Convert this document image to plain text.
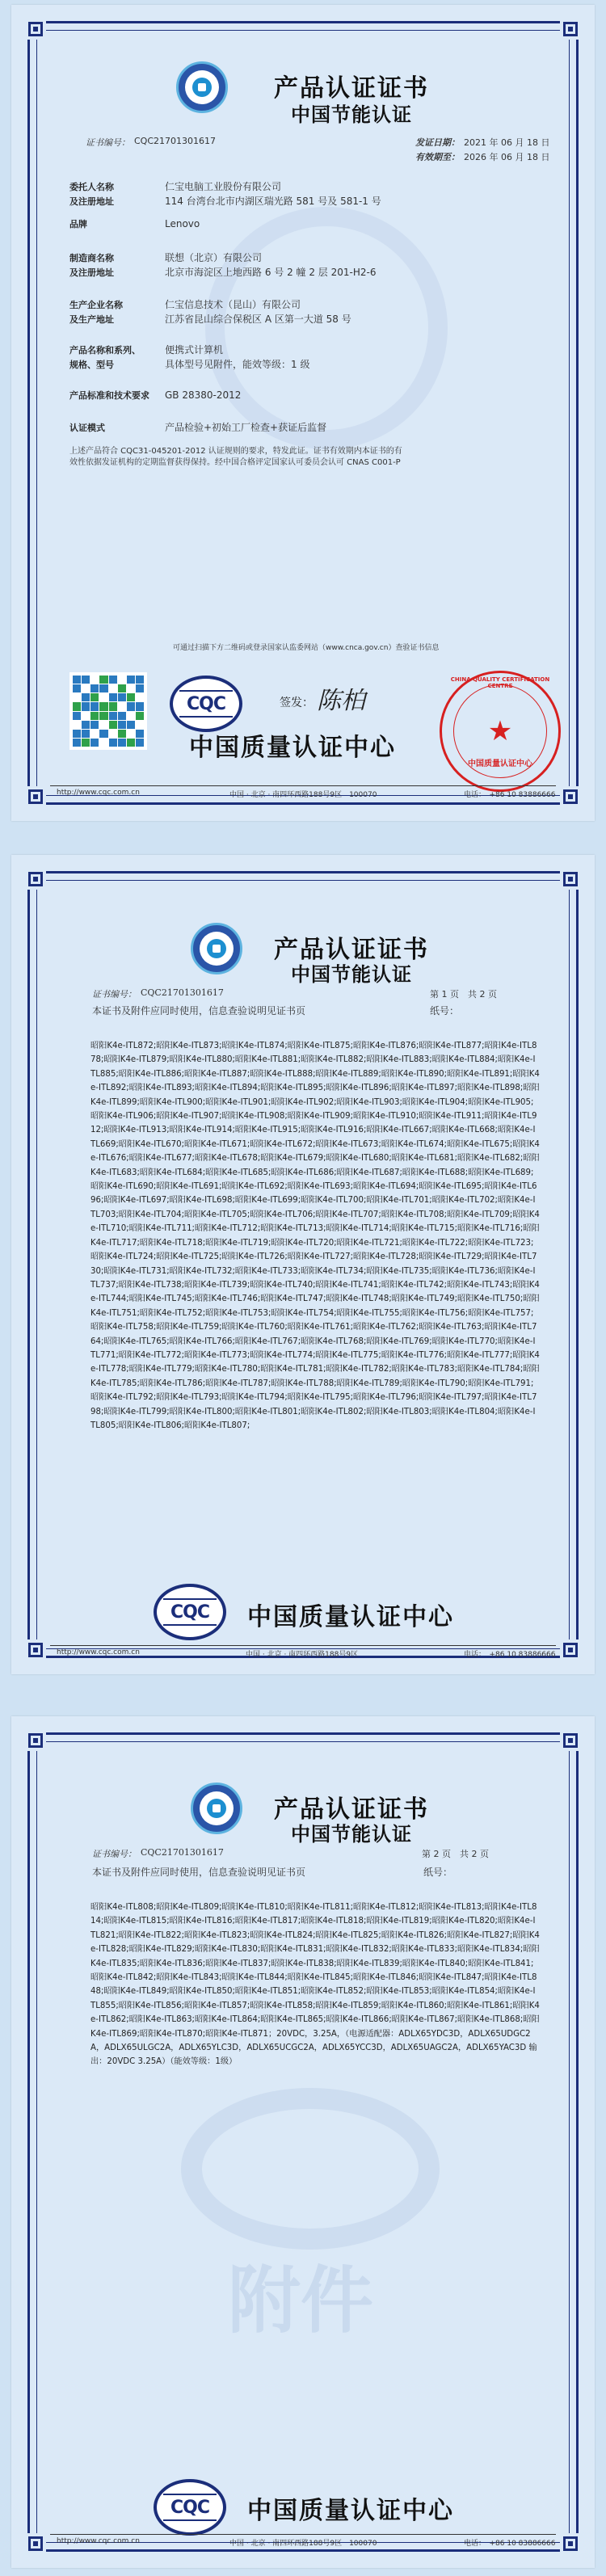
产品认证证书
中国节能认证
证书编号： CQC21701301617	发证日期： 2021 年 06 月 18 日
有效期至： 2026 年 06 月 18 日
委托人名称	仁宝电脑工业股份有限公司
及注册地址	114 台湾台北市内湖区瑞光路 581 号及 581-1 号
品牌	Lenovo
制造商名称	联想（北京）有限公司
及注册地址	北京市海淀区上地西路 6 号 2 幢 2 层 201-H2-6
生产企业名称	仁宝信息技术（昆山）有限公司
及生产地址	江苏省昆山综合保税区 A 区第一大道 58 号
产品名称和系列、	便携式计算机
规格、型号	具体型号见附件，能效等级：1 级
产品标准和技术要求 GB 28380-2012
认证模式	产品检验+初始工厂检查+获证后监督
上述产品符合 CQC31-045201-2012 认证规则的要求，特发此证。证书有效期内本证书的有效性依据发证机构的定期监督获得保持。经中国合格评定国家认可委员会认可 CNAS C001-P
可通过扫描下方二维码或登录国家认监委网站（www.cnca.gov.cn）查验证书信息
CQC	签发： 陈柏
中国质量认证中心
CHINA QUALITY CERTIFICATION CENTRE
★
中国质量认证中心
http://www.cqc.com.cn	中国 · 北京 · 南四环西路188号9区　100070	电话：　+86 10 83886666
产品认证证书
中国节能认证
证书编号： CQC21701301617	第 1 页　共 2 页
本证书及附件应同时使用，信息查验说明见证书页	纸号：
昭阳K4e-ITL872;昭阳K4e-ITL873;昭阳K4e-ITL874;昭阳K4e-ITL875;昭阳K4e-ITL876;昭阳K4e-ITL877;昭阳K4e-ITL878;昭阳K4e-ITL879;昭阳K4e-ITL880;昭阳K4e-ITL881;昭阳K4e-ITL882;昭阳K4e-ITL883;昭阳K4e-ITL884;昭阳K4e-ITL885;昭阳K4e-ITL886;昭阳K4e-ITL887;昭阳K4e-ITL888;昭阳K4e-ITL889;昭阳K4e-ITL890;昭阳K4e-ITL891;昭阳K4e-ITL892;昭阳K4e-ITL893;昭阳K4e-ITL894;昭阳K4e-ITL895;昭阳K4e-ITL896;昭阳K4e-ITL897;昭阳K4e-ITL898;昭阳K4e-ITL899;昭阳K4e-ITL900;昭阳K4e-ITL901;昭阳K4e-ITL902;昭阳K4e-ITL903;昭阳K4e-ITL904;昭阳K4e-ITL905;昭阳K4e-ITL906;昭阳K4e-ITL907;昭阳K4e-ITL908;昭阳K4e-ITL909;昭阳K4e-ITL910;昭阳K4e-ITL911;昭阳K4e-ITL912;昭阳K4e-ITL913;昭阳K4e-ITL914;昭阳K4e-ITL915;昭阳K4e-ITL916;昭阳K4e-ITL667;昭阳K4e-ITL668;昭阳K4e-ITL669;昭阳K4e-ITL670;昭阳K4e-ITL671;昭阳K4e-ITL672;昭阳K4e-ITL673;昭阳K4e-ITL674;昭阳K4e-ITL675;昭阳K4e-ITL676;昭阳K4e-ITL677;昭阳K4e-ITL678;昭阳K4e-ITL679;昭阳K4e-ITL680;昭阳K4e-ITL681;昭阳K4e-ITL682;昭阳K4e-ITL683;昭阳K4e-ITL684;昭阳K4e-ITL685;昭阳K4e-ITL686;昭阳K4e-ITL687;昭阳K4e-ITL688;昭阳K4e-ITL689;昭阳K4e-ITL690;昭阳K4e-ITL691;昭阳K4e-ITL692;昭阳K4e-ITL693;昭阳K4e-ITL694;昭阳K4e-ITL695;昭阳K4e-ITL696;昭阳K4e-ITL697;昭阳K4e-ITL698;昭阳K4e-ITL699;昭阳K4e-ITL700;昭阳K4e-ITL701;昭阳K4e-ITL702;昭阳K4e-ITL703;昭阳K4e-ITL704;昭阳K4e-ITL705;昭阳K4e-ITL706;昭阳K4e-ITL707;昭阳K4e-ITL708;昭阳K4e-ITL709;昭阳K4e-ITL710;昭阳K4e-ITL711;昭阳K4e-ITL712;昭阳K4e-ITL713;昭阳K4e-ITL714;昭阳K4e-ITL715;昭阳K4e-ITL716;昭阳K4e-ITL717;昭阳K4e-ITL718;昭阳K4e-ITL719;昭阳K4e-ITL720;昭阳K4e-ITL721;昭阳K4e-ITL722;昭阳K4e-ITL723;昭阳K4e-ITL724;昭阳K4e-ITL725;昭阳K4e-ITL726;昭阳K4e-ITL727;昭阳K4e-ITL728;昭阳K4e-ITL729;昭阳K4e-ITL730;昭阳K4e-ITL731;昭阳K4e-ITL732;昭阳K4e-ITL733;昭阳K4e-ITL734;昭阳K4e-ITL735;昭阳K4e-ITL736;昭阳K4e-ITL737;昭阳K4e-ITL738;昭阳K4e-ITL739;昭阳K4e-ITL740;昭阳K4e-ITL741;昭阳K4e-ITL742;昭阳K4e-ITL743;昭阳K4e-ITL744;昭阳K4e-ITL745;昭阳K4e-ITL746;昭阳K4e-ITL747;昭阳K4e-ITL748;昭阳K4e-ITL749;昭阳K4e-ITL750;昭阳K4e-ITL751;昭阳K4e-ITL752;昭阳K4e-ITL753;昭阳K4e-ITL754;昭阳K4e-ITL755;昭阳K4e-ITL756;昭阳K4e-ITL757;昭阳K4e-ITL758;昭阳K4e-ITL759;昭阳K4e-ITL760;昭阳K4e-ITL761;昭阳K4e-ITL762;昭阳K4e-ITL763;昭阳K4e-ITL764;昭阳K4e-ITL765;昭阳K4e-ITL766;昭阳K4e-ITL767;昭阳K4e-ITL768;昭阳K4e-ITL769;昭阳K4e-ITL770;昭阳K4e-ITL771;昭阳K4e-ITL772;昭阳K4e-ITL773;昭阳K4e-ITL774;昭阳K4e-ITL775;昭阳K4e-ITL776;昭阳K4e-ITL777;昭阳K4e-ITL778;昭阳K4e-ITL779;昭阳K4e-ITL780;昭阳K4e-ITL781;昭阳K4e-ITL782;昭阳K4e-ITL783;昭阳K4e-ITL784;昭阳K4e-ITL785;昭阳K4e-ITL786;昭阳K4e-ITL787;昭阳K4e-ITL788;昭阳K4e-ITL789;昭阳K4e-ITL790;昭阳K4e-ITL791;昭阳K4e-ITL792;昭阳K4e-ITL793;昭阳K4e-ITL794;昭阳K4e-ITL795;昭阳K4e-ITL796;昭阳K4e-ITL797;昭阳K4e-ITL798;昭阳K4e-ITL799;昭阳K4e-ITL800;昭阳K4e-ITL801;昭阳K4e-ITL802;昭阳K4e-ITL803;昭阳K4e-ITL804;昭阳K4e-ITL805;昭阳K4e-ITL806;昭阳K4e-ITL807;
CQC 中国质量认证中心
http://www.cqc.com.cn	中国 · 北京 · 南四环西路188号9区	电话：　+86 10 83886666
附件
产品认证证书
中国节能认证
证书编号： CQC21701301617	第 2 页　共 2 页
本证书及附件应同时使用，信息查验说明见证书页	纸号：
昭阳K4e-ITL808;昭阳K4e-ITL809;昭阳K4e-ITL810;昭阳K4e-ITL811;昭阳K4e-ITL812;昭阳K4e-ITL813;昭阳K4e-ITL814;昭阳K4e-ITL815;昭阳K4e-ITL816;昭阳K4e-ITL817;昭阳K4e-ITL818;昭阳K4e-ITL819;昭阳K4e-ITL820;昭阳K4e-ITL821;昭阳K4e-ITL822;昭阳K4e-ITL823;昭阳K4e-ITL824;昭阳K4e-ITL825;昭阳K4e-ITL826;昭阳K4e-ITL827;昭阳K4e-ITL828;昭阳K4e-ITL829;昭阳K4e-ITL830;昭阳K4e-ITL831;昭阳K4e-ITL832;昭阳K4e-ITL833;昭阳K4e-ITL834;昭阳K4e-ITL835;昭阳K4e-ITL836;昭阳K4e-ITL837;昭阳K4e-ITL838;昭阳K4e-ITL839;昭阳K4e-ITL840;昭阳K4e-ITL841;昭阳K4e-ITL842;昭阳K4e-ITL843;昭阳K4e-ITL844;昭阳K4e-ITL845;昭阳K4e-ITL846;昭阳K4e-ITL847;昭阳K4e-ITL848;昭阳K4e-ITL849;昭阳K4e-ITL850;昭阳K4e-ITL851;昭阳K4e-ITL852;昭阳K4e-ITL853;昭阳K4e-ITL854;昭阳K4e-ITL855;昭阳K4e-ITL856;昭阳K4e-ITL857;昭阳K4e-ITL858;昭阳K4e-ITL859;昭阳K4e-ITL860;昭阳K4e-ITL861;昭阳K4e-ITL862;昭阳K4e-ITL863;昭阳K4e-ITL864;昭阳K4e-ITL865;昭阳K4e-ITL866;昭阳K4e-ITL867;昭阳K4e-ITL868;昭阳K4e-ITL869;昭阳K4e-ITL870;昭阳K4e-ITL871；20VDC，3.25A，（电源适配器：ADLX65YDC3D，ADLX65UDGC2A，ADLX65ULGC2A，ADLX65YLC3D，ADLX65UCGC2A，ADLX65YCC3D，ADLX65UAGC2A，ADLX65YAC3D 输出：20VDC 3.25A）（能效等级：1级）
CQC 中国质量认证中心
http://www.cqc.com.cn	中国 · 北京 · 南四环西路188号9区　100070	电话：　+86 10 83886666
